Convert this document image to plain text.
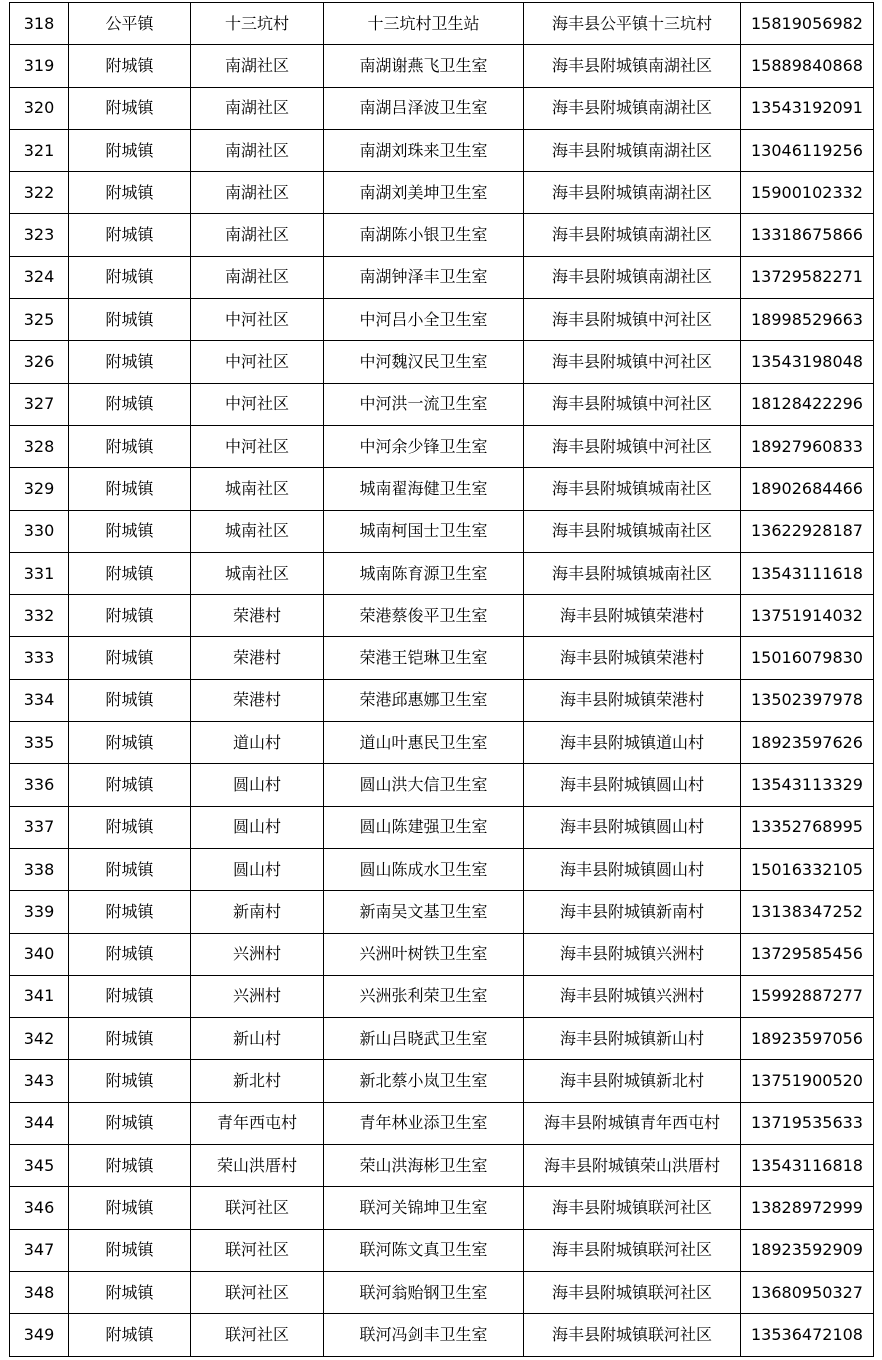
318	公平镇	十三坑村	十三坑村卫生站	海丰县公平镇十三坑村	15819056982
319	附城镇	南湖社区	南湖谢燕飞卫生室	海丰县附城镇南湖社区	15889840868
320	附城镇	南湖社区	南湖吕泽波卫生室	海丰县附城镇南湖社区	13543192091
321	附城镇	南湖社区	南湖刘珠来卫生室	海丰县附城镇南湖社区	13046119256
322	附城镇	南湖社区	南湖刘美坤卫生室	海丰县附城镇南湖社区	15900102332
323	附城镇	南湖社区	南湖陈小银卫生室	海丰县附城镇南湖社区	13318675866
324	附城镇	南湖社区	南湖钟泽丰卫生室	海丰县附城镇南湖社区	13729582271
325	附城镇	中河社区	中河吕小全卫生室	海丰县附城镇中河社区	18998529663
326	附城镇	中河社区	中河魏汉民卫生室	海丰县附城镇中河社区	13543198048
327	附城镇	中河社区	中河洪一流卫生室	海丰县附城镇中河社区	18128422296
328	附城镇	中河社区	中河余少锋卫生室	海丰县附城镇中河社区	18927960833
329	附城镇	城南社区	城南翟海健卫生室	海丰县附城镇城南社区	18902684466
330	附城镇	城南社区	城南柯国士卫生室	海丰县附城镇城南社区	13622928187
331	附城镇	城南社区	城南陈育源卫生室	海丰县附城镇城南社区	13543111618
332	附城镇	荣港村	荣港蔡俊平卫生室	海丰县附城镇荣港村	13751914032
333	附城镇	荣港村	荣港王铠琳卫生室	海丰县附城镇荣港村	15016079830
334	附城镇	荣港村	荣港邱惠娜卫生室	海丰县附城镇荣港村	13502397978
335	附城镇	道山村	道山叶惠民卫生室	海丰县附城镇道山村	18923597626
336	附城镇	圆山村	圆山洪大信卫生室	海丰县附城镇圆山村	13543113329
337	附城镇	圆山村	圆山陈建强卫生室	海丰县附城镇圆山村	13352768995
338	附城镇	圆山村	圆山陈成水卫生室	海丰县附城镇圆山村	15016332105
339	附城镇	新南村	新南吴文基卫生室	海丰县附城镇新南村	13138347252
340	附城镇	兴洲村	兴洲叶树铁卫生室	海丰县附城镇兴洲村	13729585456
341	附城镇	兴洲村	兴洲张利荣卫生室	海丰县附城镇兴洲村	15992887277
342	附城镇	新山村	新山吕晓武卫生室	海丰县附城镇新山村	18923597056
343	附城镇	新北村	新北蔡小岚卫生室	海丰县附城镇新北村	13751900520
344	附城镇	青年西屯村	青年林业添卫生室	海丰县附城镇青年西屯村	13719535633
345	附城镇	荣山洪厝村	荣山洪海彬卫生室	海丰县附城镇荣山洪厝村	13543116818
346	附城镇	联河社区	联河关锦坤卫生室	海丰县附城镇联河社区	13828972999
347	附城镇	联河社区	联河陈文真卫生室	海丰县附城镇联河社区	18923592909
348	附城镇	联河社区	联河翁贻钢卫生室	海丰县附城镇联河社区	13680950327
349	附城镇	联河社区	联河冯剑丰卫生室	海丰县附城镇联河社区	13536472108
